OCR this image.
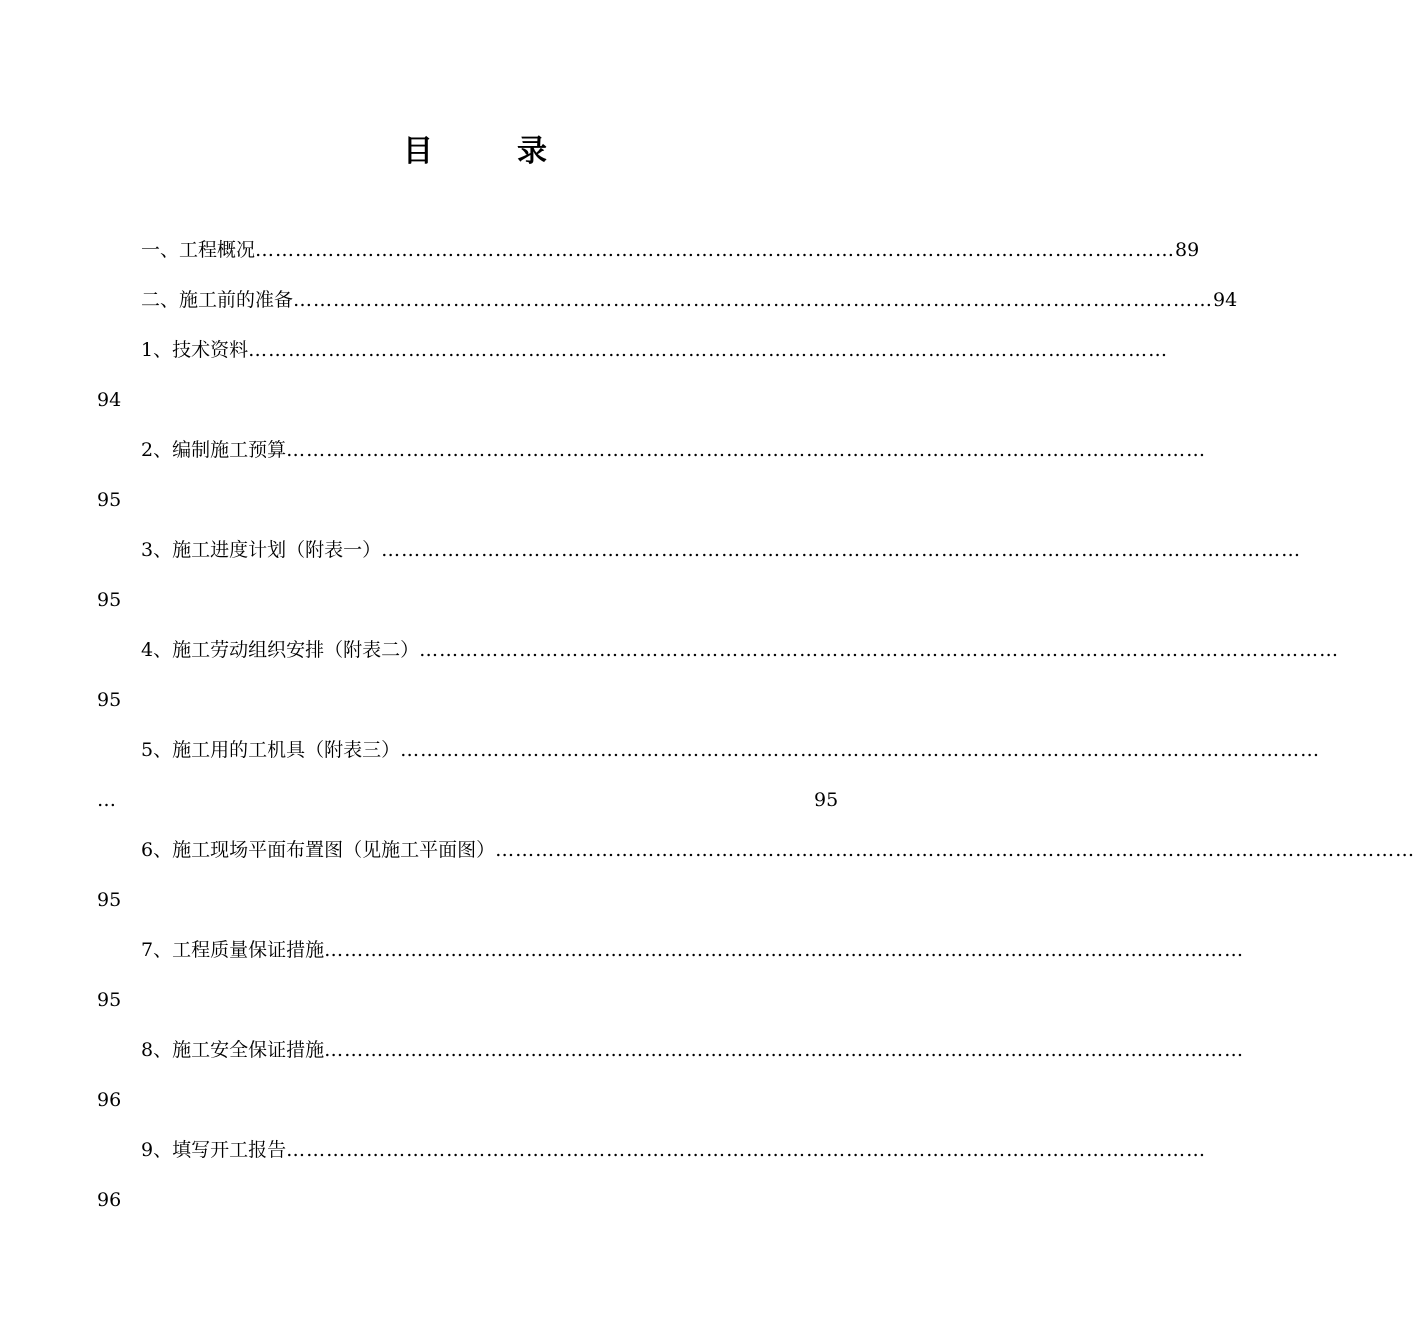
目	录
一、工程概况 ………………………………………………………………………………………………………………………… 89
二、施工前的准备 ………………………………………………………………………………………………………………………… 94
1、技术资料 …………………………………………………………………………………………………………………………
94
2、编制施工预算 …………………………………………………………………………………………………………………………
95
3、施工进度计划（附表一） …………………………………………………………………………………………………………………………
95
4、施工劳动组织安排（附表二） …………………………………………………………………………………………………………………………
95
5、施工用的工机具（附表三） …………………………………………………………………………………………………………………………
…	95
6、施工现场平面布置图（见施工平面图） …………………………………………………………………………………………………………………………
95
7、工程质量保证措施 …………………………………………………………………………………………………………………………
95
8、施工安全保证措施 …………………………………………………………………………………………………………………………
96
9、填写开工报告 …………………………………………………………………………………………………………………………
96
